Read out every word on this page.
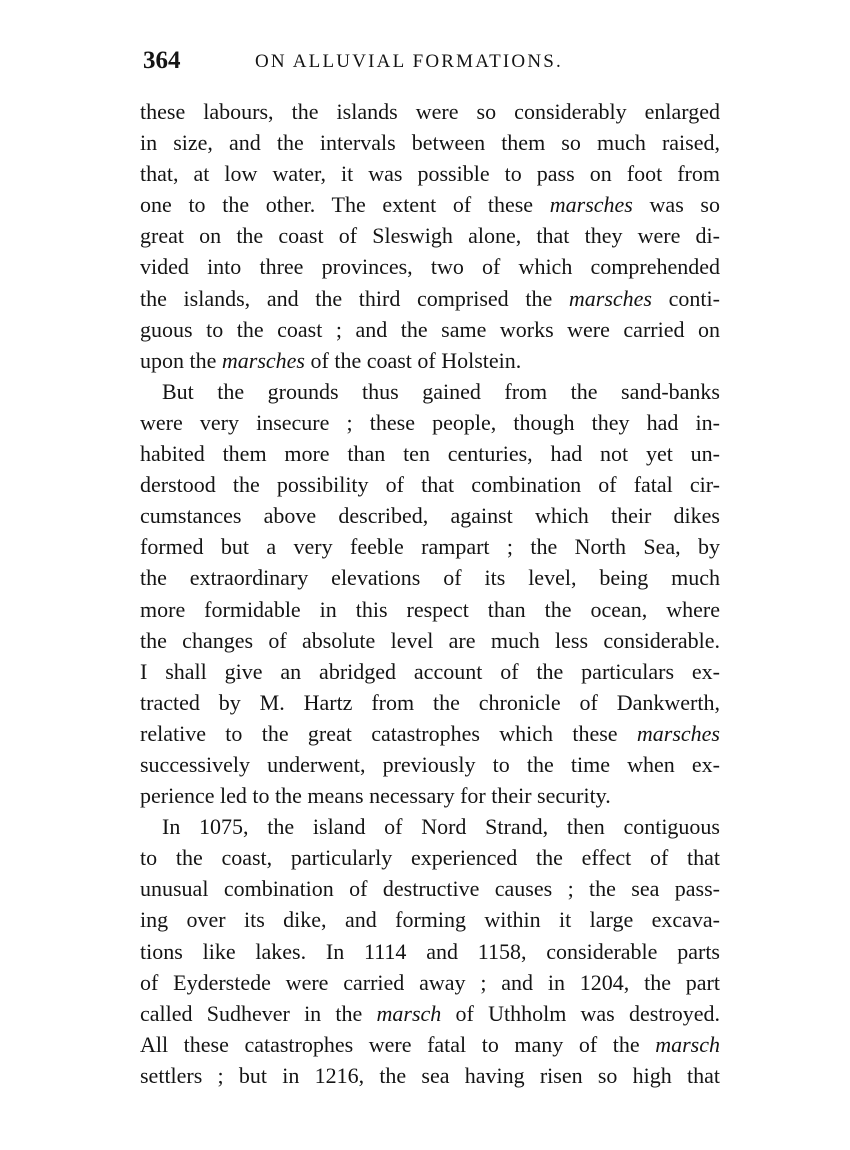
364	ON ALLUVIAL FORMATIONS.
these labours, the islands were so considerably enlarged
in size, and the intervals between them so much raised,
that, at low water, it was possible to pass on foot from
one to the other. The extent of these marsches was so
great on the coast of Sleswigh alone, that they were di-
vided into three provinces, two of which comprehended
the islands, and the third comprised the marsches conti-
guous to the coast ; and the same works were carried on
upon the marsches of the coast of Holstein.
But the grounds thus gained from the sand-banks
were very insecure ; these people, though they had in-
habited them more than ten centuries, had not yet un-
derstood the possibility of that combination of fatal cir-
cumstances above described, against which their dikes
formed but a very feeble rampart ; the North Sea, by
the extraordinary elevations of its level, being much
more formidable in this respect than the ocean, where
the changes of absolute level are much less considerable.
I shall give an abridged account of the particulars ex-
tracted by M. Hartz from the chronicle of Dankwerth,
relative to the great catastrophes which these marsches
successively underwent, previously to the time when ex-
perience led to the means necessary for their security.
In 1075, the island of Nord Strand, then contiguous
to the coast, particularly experienced the effect of that
unusual combination of destructive causes ; the sea pass-
ing over its dike, and forming within it large excava-
tions like lakes. In 1114 and 1158, considerable parts
of Eyderstede were carried away ; and in 1204, the part
called Sudhever in the marsch of Uthholm was destroyed.
All these catastrophes were fatal to many of the marsch
settlers ; but in 1216, the sea having risen so high that
